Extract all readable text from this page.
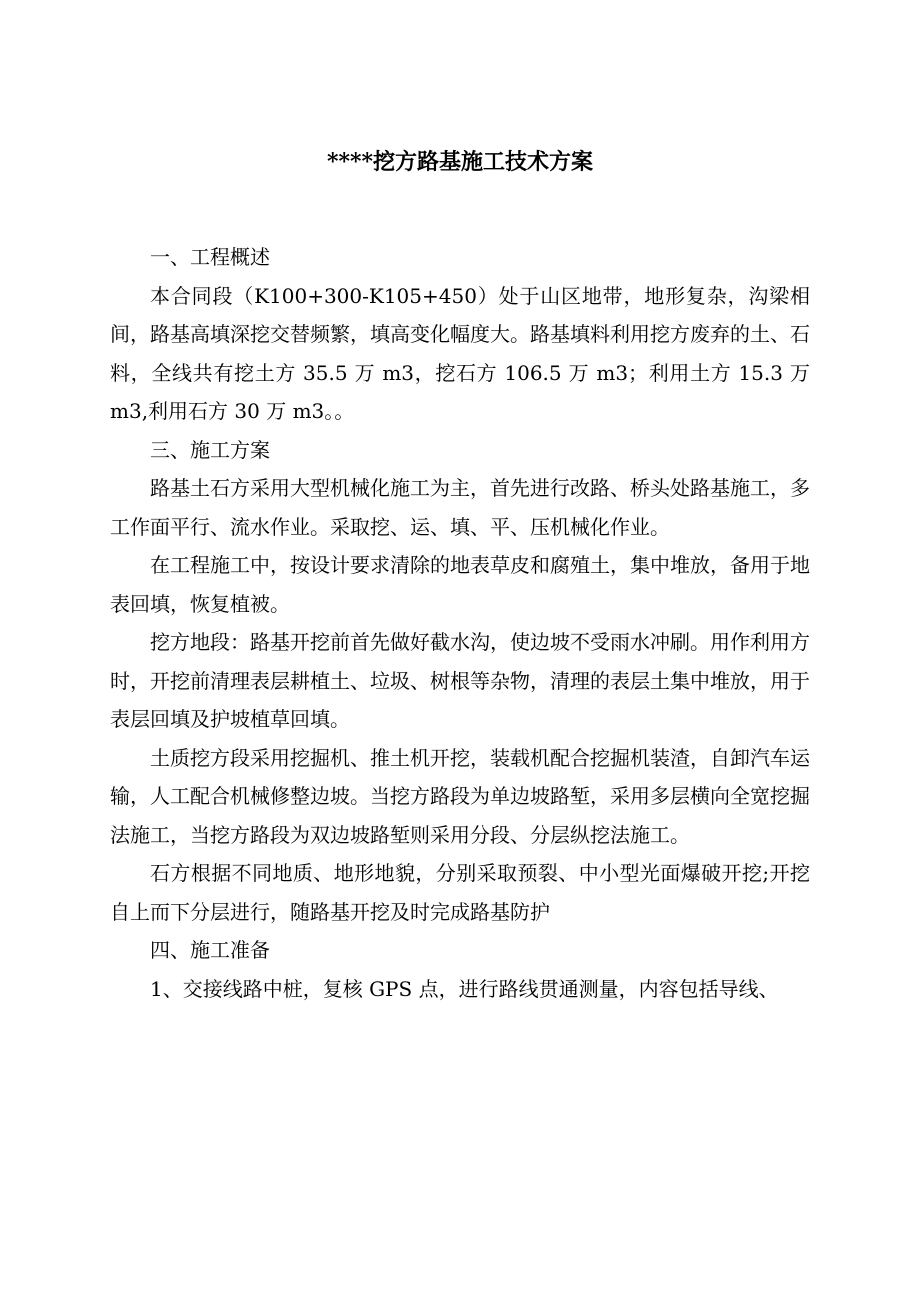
****挖方路基施工技术方案

一、工程概述

本合同段（K100+300-K105+450）处于山区地带，地形复杂，沟梁相间，路基高填深挖交替频繁，填高变化幅度大。路基填料利用挖方废弃的土、石料，全线共有挖土方 35.5 万 m3，挖石方 106.5 万 m3；利用土方 15.3 万 m3,利用石方 30 万 m3。。

三、施工方案

路基土石方采用大型机械化施工为主，首先进行改路、桥头处路基施工，多工作面平行、流水作业。采取挖、运、填、平、压机械化作业。

在工程施工中，按设计要求清除的地表草皮和腐殖土，集中堆放，备用于地表回填，恢复植被。

挖方地段：路基开挖前首先做好截水沟，使边坡不受雨水冲刷。用作利用方时，开挖前清理表层耕植土、垃圾、树根等杂物，清理的表层土集中堆放，用于表层回填及护坡植草回填。

土质挖方段采用挖掘机、推土机开挖，装载机配合挖掘机装渣，自卸汽车运输，人工配合机械修整边坡。当挖方路段为单边坡路堑，采用多层横向全宽挖掘法施工，当挖方路段为双边坡路堑则采用分段、分层纵挖法施工。

石方根据不同地质、地形地貌，分别采取预裂、中小型光面爆破开挖;开挖自上而下分层进行，随路基开挖及时完成路基防护

四、施工准备

1、交接线路中桩，复核 GPS 点，进行路线贯通测量，内容包括导线、
